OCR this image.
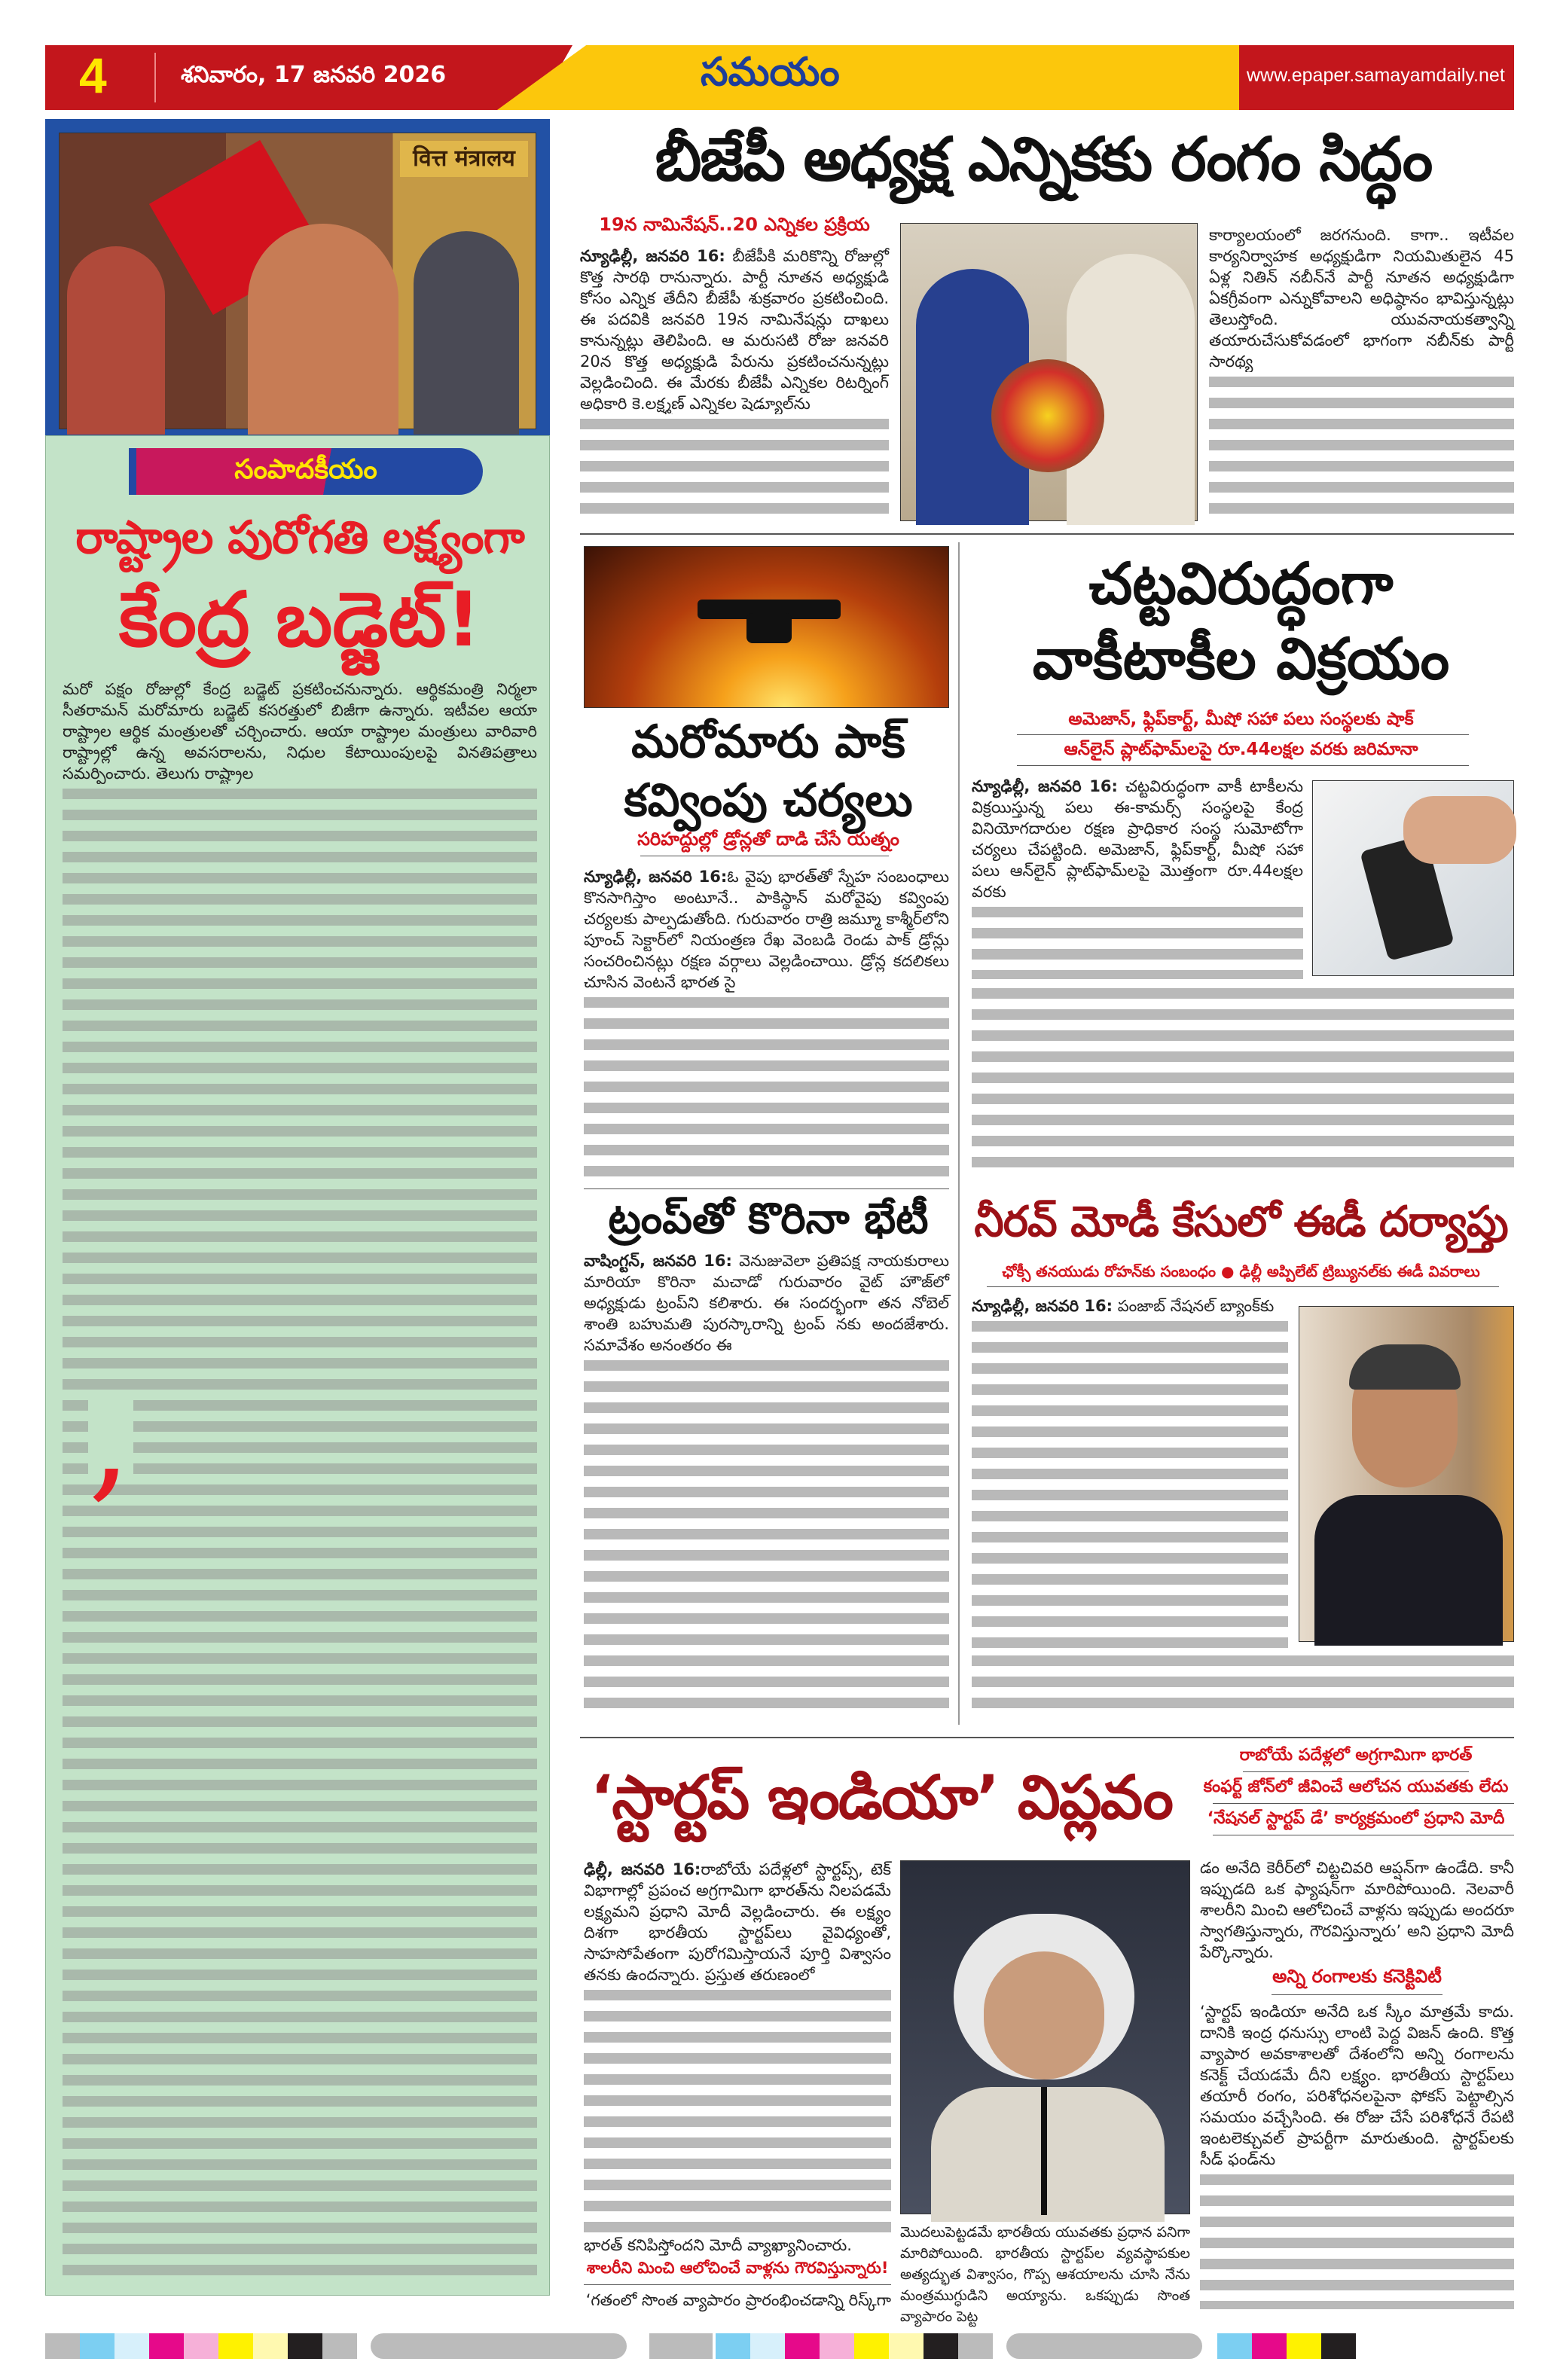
4	శనివారం, 17 జనవరి 2026	సమయం	www.epaper.samayamdaily.net
वित्त मंत्रालय
సంపాదకీయం
రాష్ట్రాల పురోగతి లక్ష్యంగా
కేంద్ర బడ్జెట్!

మరో పక్షం రోజుల్లో కేంద్ర బడ్జెట్ ప్రకటించనున్నారు. ఆర్థికమంత్రి నిర్మలా సీతరామన్ మరోమారు బడ్జెట్ కసరత్తులో బిజీగా ఉన్నారు. ఇటీవల ఆయా రాష్ట్రాల ఆర్థిక మంత్రులతో చర్చించారు. ఆయా రాష్ట్రాల మంత్రులు వారివారి రాష్ట్రాల్లో ఉన్న అవసరాలను, నిధుల కేటాయింపులపై వినతిపత్రాలు సమర్పించారు. తెలుగు రాష్ట్రాల

,
బీజేపీ అధ్యక్ష ఎన్నికకు రంగం సిద్ధం
19న నామినేషన్..20 ఎన్నికల ప్రక్రియ

న్యూఢిల్లీ, జనవరి 16: బీజేపీకి మరికొన్ని రోజుల్లో కొత్త సారథి రానున్నారు. పార్టీ నూతన అధ్యక్షుడి కోసం ఎన్నిక తేదీని బీజేపీ శుక్రవారం ప్రకటించింది. ఈ పదవికి జనవరి 19న నామినేషన్లు దాఖలు కానున్నట్లు తెలిపింది. ఆ మరుసటి రోజు జనవరి 20న కొత్త అధ్యక్షుడి పేరును ప్రకటించనున్నట్లు వెల్లడించింది. ఈ మేరకు బీజేపీ ఎన్నికల రిటర్నింగ్ అధికారి కె.లక్ష్మణ్ ఎన్నికల షెడ్యూల్‌ను

కార్యాలయంలో జరగనుంది. కాగా.. ఇటీవల కార్యనిర్వాహక అధ్యక్షుడిగా నియమితులైన 45 ఏళ్ల నితిన్ నబీన్‌నే పార్టీ నూతన అధ్యక్షుడిగా ఏకగ్రీవంగా ఎన్నుకోవాలని అధిష్ఠానం భావిస్తున్నట్లు తెలుస్తోంది. యువనాయకత్వాన్ని తయారుచేసుకోవడంలో భాగంగా నబీన్‌కు పార్టీ సారథ్య

మరోమారు పాక్
కవ్వింపు చర్యలు
సరిహద్దుల్లో డ్రోన్లతో దాడి చేసే యత్నం

న్యూఢిల్లీ, జనవరి 16:ఓ వైపు భారత్‌తో స్నేహ సంబంధాలు కొనసాగిస్తాం అంటూనే.. పాకిస్థాన్ మరోవైపు కవ్వింపు చర్యలకు పాల్పడుతోంది. గురువారం రాత్రి జమ్మూ కాశ్మీర్‌లోని పూంచ్ సెక్టార్‌లో నియంత్రణ రేఖ వెంబడి రెండు పాక్ డ్రోన్లు సంచరించినట్లు రక్షణ వర్గాలు వెల్లడించాయి. డ్రోన్ల కదలికలు చూసిన వెంటనే భారత సై

ట్రంప్‌తో కొరినా భేటీ

వాషింగ్టన్, జనవరి 16: వెనుజువెలా ప్రతిపక్ష నాయకురాలు మారియా కొరినా మచాడో గురువారం వైట్ హౌజ్‌లో అధ్యక్షుడు ట్రంప్‌ని కలిశారు. ఈ సందర్భంగా తన నోబెల్ శాంతి బహుమతి పురస్కారాన్ని ట్రంప్ నకు అందజేశారు. సమావేశం అనంతరం ఈ

చట్టవిరుద్ధంగా
వాకీటాకీల విక్రయం
అమెజాన్, ఫ్లిప్‌కార్ట్, మీషో సహా పలు సంస్థలకు షాక్
ఆన్‌లైన్ ప్లాట్‌ఫామ్‌లపై రూ.44లక్షల వరకు జరిమానా

న్యూఢిల్లీ, జనవరి 16: చట్టవిరుద్ధంగా వాకీ టాకీలను విక్రయిస్తున్న పలు ఈ-కామర్స్ సంస్థలపై కేంద్ర వినియోగదారుల రక్షణ ప్రాధికార సంస్థ సుమోటోగా చర్యలు చేపట్టింది. అమెజాన్, ఫ్లిప్‌కార్ట్, మీషో సహా పలు ఆన్‌లైన్ ప్లాట్‌ఫామ్‌లపై మొత్తంగా రూ.44లక్షల వరకు

నీరవ్ మోడీ కేసులో ఈడీ దర్యాప్తు
ఛోక్సీ తనయుడు రోహన్‌కు సంబంధం ● ఢిల్లీ అప్పిలేట్ ట్రిబ్యునల్‌కు ఈడీ వివరాలు

న్యూఢిల్లీ, జనవరి 16: పంజాబ్ నేషనల్ బ్యాంక్‌కు

‘స్టార్టప్ ఇండియా’ విప్లవం
రాబోయే పదేళ్లలో అగ్రగామిగా భారత్
కంఫర్ట్ జోన్‌లో జీవించే ఆలోచన యువతకు లేదు
‘నేషనల్ స్టార్టప్ డే’ కార్యక్రమంలో ప్రధాని మోదీ

ఢిల్లీ, జనవరి 16:రాబోయే పదేళ్లలో స్టార్టప్స్, టెక్ విభాగాల్లో ప్రపంచ అగ్రగామిగా భారత్‌ను నిలపడమే లక్ష్యమని ప్రధాని మోదీ వెల్లడించారు. ఈ లక్ష్యం దిశగా భారతీయ స్టార్టప్‌లు వైవిధ్యంతో, సాహసోపేతంగా పురోగమిస్తాయనే పూర్తి విశ్వాసం తనకు ఉందన్నారు. ప్రస్తుత తరుణంలో

భారత్ కనిపిస్తోందని మోదీ వ్యాఖ్యానించారు.

శాలరీని మించి ఆలోచించే వాళ్లను గౌరవిస్తున్నారు!

‘గతంలో సొంత వ్యాపారం ప్రారంభించడాన్ని రిస్క్‌గా

మొదలుపెట్టడమే భారతీయ యువతకు ప్రధాన పనిగా మారిపోయింది. భారతీయ స్టార్టప్‌ల వ్యవస్థాపకుల అత్యద్భుత విశ్వాసం, గొప్ప ఆశయాలను చూసి నేను మంత్రముగ్ధుడిని అయ్యాను. ఒకప్పుడు సొంత వ్యాపారం పెట్ట

డం అనేది కెరీర్‌లో చిట్టచివరి ఆప్షన్‌గా ఉండేది. కానీ ఇప్పుడది ఒక ఫ్యాషన్‌గా మారిపోయింది. నెలవారీ శాలరీని మించి ఆలోచించే వాళ్లను ఇప్పుడు అందరూ స్వాగతిస్తున్నారు, గౌరవిస్తున్నారు’ అని ప్రధాని మోదీ పేర్కొన్నారు.

అన్ని రంగాలకు కనెక్టివిటీ

‘స్టార్టప్ ఇండియా అనేది ఒక స్కీం మాత్రమే కాదు. దానికి ఇంద్ర ధనుస్సు లాంటి పెద్ద విజన్ ఉంది. కొత్త వ్యాపార అవకాశాలతో దేశంలోని అన్ని రంగాలను కనెక్ట్ చేయడమే దీని లక్ష్యం. భారతీయ స్టార్టప్‌లు తయారీ రంగం, పరిశోధనలపైనా ఫోకస్ పెట్టాల్సిన సమయం వచ్చేసింది. ఈ రోజు చేసే పరిశోధనే రేపటి ఇంటలెక్చువల్ ప్రాపర్టీగా మారుతుంది. స్టార్టప్‌లకు సీడ్ ఫండ్‌ను
